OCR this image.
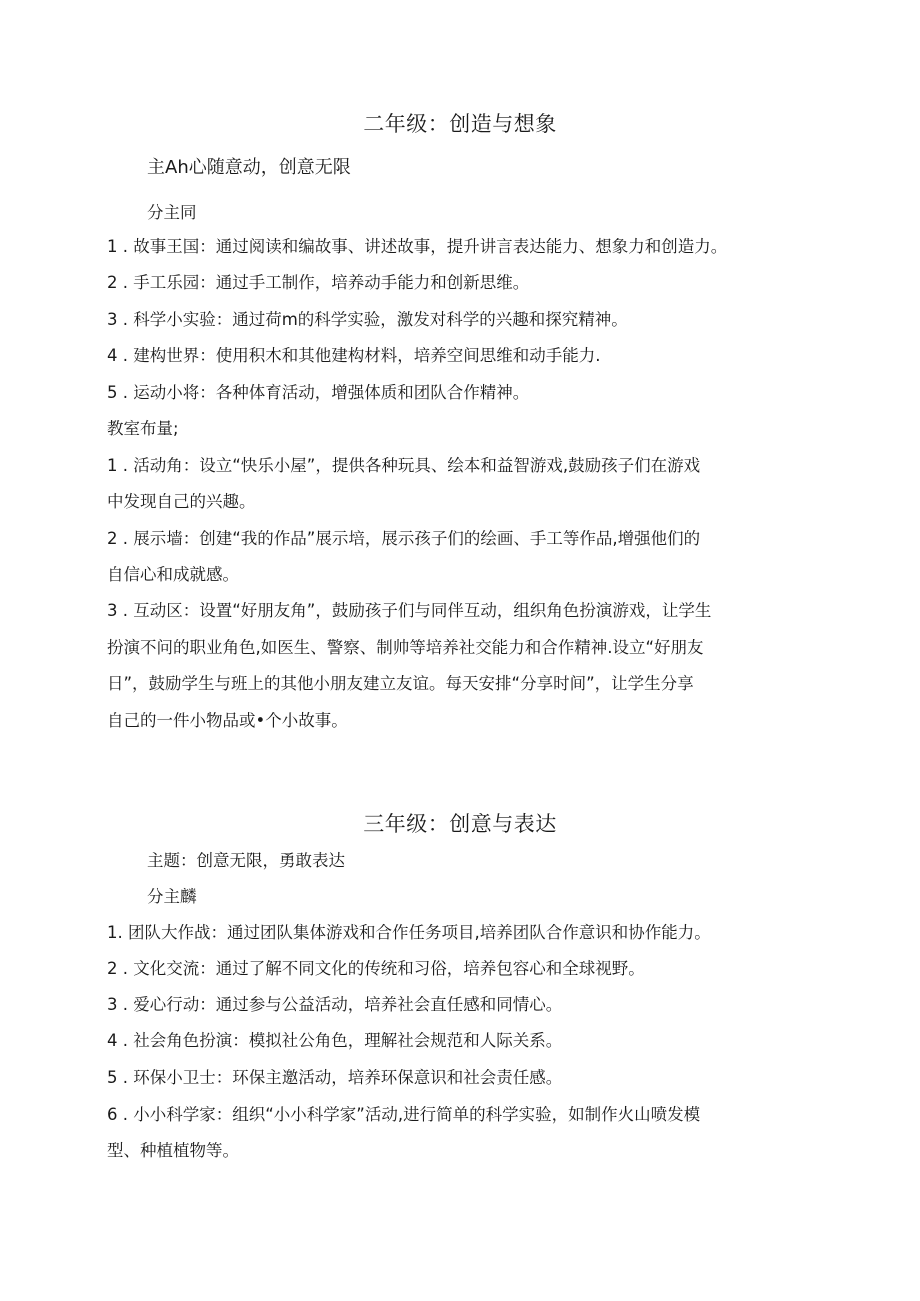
二年级：创造与想象

主Ah心随意动，创意无限

分主同

1 . 故事王国：通过阅读和编故事、讲述故事，提升讲言表达能力、想象力和创造力。

2 . 手工乐园：通过手工制作，培养动手能力和创新思维。

3 . 科学小实验：通过荷m的科学实验，激发对科学的兴趣和探究精神。

4 . 建构世界：使用积木和其他建构材料，培养空间思维和动手能力.

5 . 运动小将：各种体育活动，增强体质和团队合作精神。

教室布量;

1 . 活动角：设立“快乐小屋”，提供各种玩具、绘本和益智游戏,鼓励孩子们在游戏

中发现自己的兴趣。

2 . 展示墙：创建“我的作品”展示培，展示孩子们的绘画、手工等作品,增强他们的

自信心和成就感。

3 . 互动区：设置“好朋友角”，鼓励孩子们与同伴互动，组织角色扮演游戏，让学生

扮演不问的职业角色,如医生、警察、制帅等培养社交能力和合作精神.设立“好朋友

日”，鼓励学生与班上的其他小朋友建立友谊。每天安排“分享时间”，让学生分享

自己的一件小物品或•个小故事。

三年级：创意与表达

主题：创意无限，勇敢表达

分主麟

1. 团队大作战：通过团队集体游戏和合作任务项目,培养团队合作意识和协作能力。

2 . 文化交流：通过了解不同文化的传统和习俗，培养包容心和全球视野。

3 . 爱心行动：通过参与公益活动，培养社会直任感和同情心。

4 . 社会角色扮演：模拟社公角色，理解社会规范和人际关系。

5 . 环保小卫士：环保主邀活动，培养环保意识和社会责任感。

6 . 小小科学家：组织“小小科学家”活动,进行简单的科学实验，如制作火山喷发模

型、种植植物等。
